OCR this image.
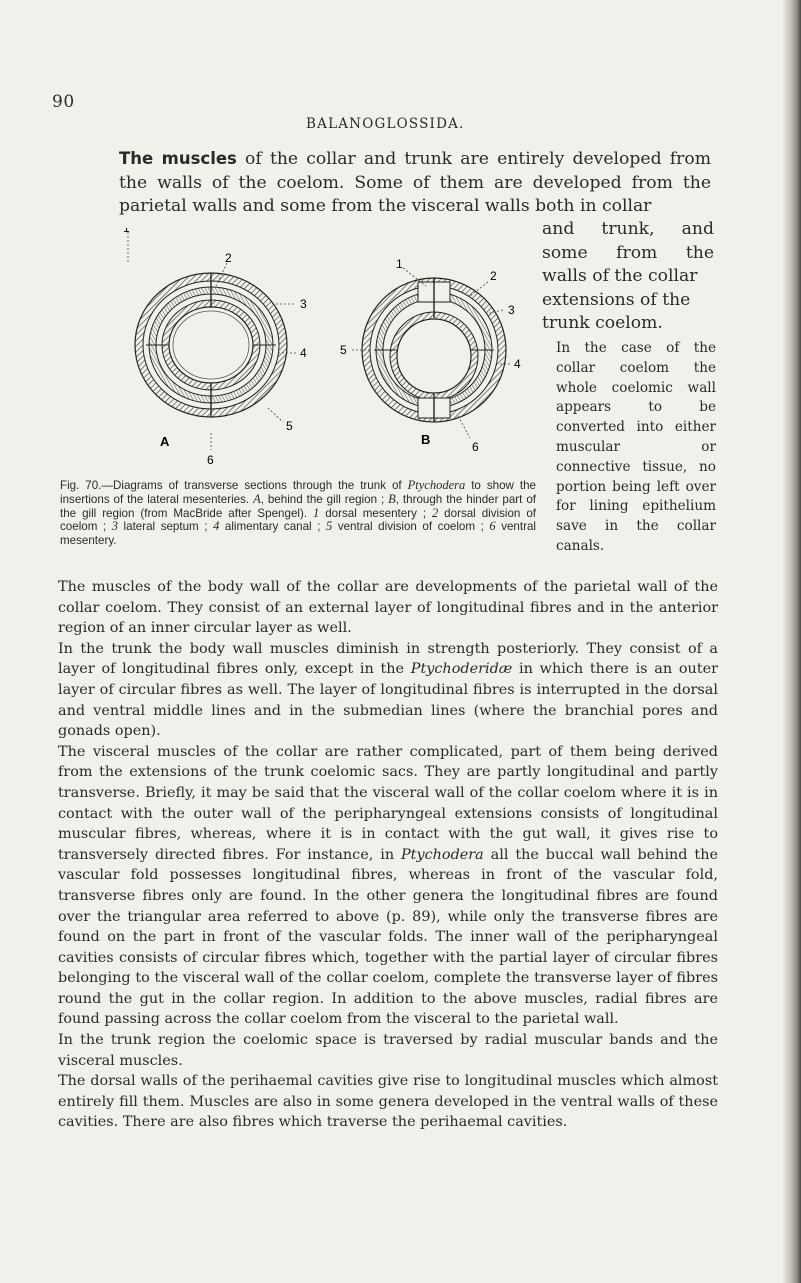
90
BALANOGLOSSIDA.
The muscles of the collar and trunk are entirely developed from the walls of the coelom. Some of them are developed from the parietal walls and some from the visceral walls both in collar
and trunk, and
some from the
walls of the collar
extensions of the
trunk coelom.
In the case of the collar coelom the whole coelomic wall appears to be converted into either muscular or connective tissue, no portion being left over for lining epithelium save in the collar canals.
1
2
3
4
5
6
A
1
2
3
4
5
6
B
Fig. 70.—Diagrams of transverse sections through the trunk of Ptychodera to show the insertions of the lateral mesenteries. A, behind the gill region ; B, through the hinder part of the gill region (from MacBride after Spengel). 1 dorsal mesentery ; 2 dorsal division of coelom ; 3 lateral septum ; 4 alimentary canal ; 5 ventral division of coelom ; 6 ventral mesentery.

The muscles of the body wall of the collar are developments of the parietal wall of the collar coelom. They consist of an external layer of longitudinal fibres and in the anterior region of an inner circular layer as well.

In the trunk the body wall muscles diminish in strength posteriorly. They consist of a layer of longitudinal fibres only, except in the Ptychoderidæ in which there is an outer layer of circular fibres as well. The layer of longitudinal fibres is interrupted in the dorsal and ventral middle lines and in the submedian lines (where the branchial pores and gonads open).

The visceral muscles of the collar are rather complicated, part of them being derived from the extensions of the trunk coelomic sacs. They are partly longitudinal and partly transverse. Briefly, it may be said that the visceral wall of the collar coelom where it is in contact with the outer wall of the peripharyngeal extensions consists of longitudinal muscular fibres, whereas, where it is in contact with the gut wall, it gives rise to transversely directed fibres. For instance, in Ptychodera all the buccal wall behind the vascular fold possesses longitudinal fibres, whereas in front of the vascular fold, transverse fibres only are found. In the other genera the longitudinal fibres are found over the triangular area referred to above (p. 89), while only the transverse fibres are found on the part in front of the vascular folds. The inner wall of the peripharyngeal cavities consists of circular fibres which, together with the partial layer of circular fibres belonging to the visceral wall of the collar coelom, complete the transverse layer of fibres round the gut in the collar region. In addition to the above muscles, radial fibres are found passing across the collar coelom from the visceral to the parietal wall.

In the trunk region the coelomic space is traversed by radial muscular bands and the visceral muscles.

The dorsal walls of the perihaemal cavities give rise to longitudinal muscles which almost entirely fill them. Muscles are also in some genera developed in the ventral walls of these cavities. There are also fibres which traverse the perihaemal cavities.
